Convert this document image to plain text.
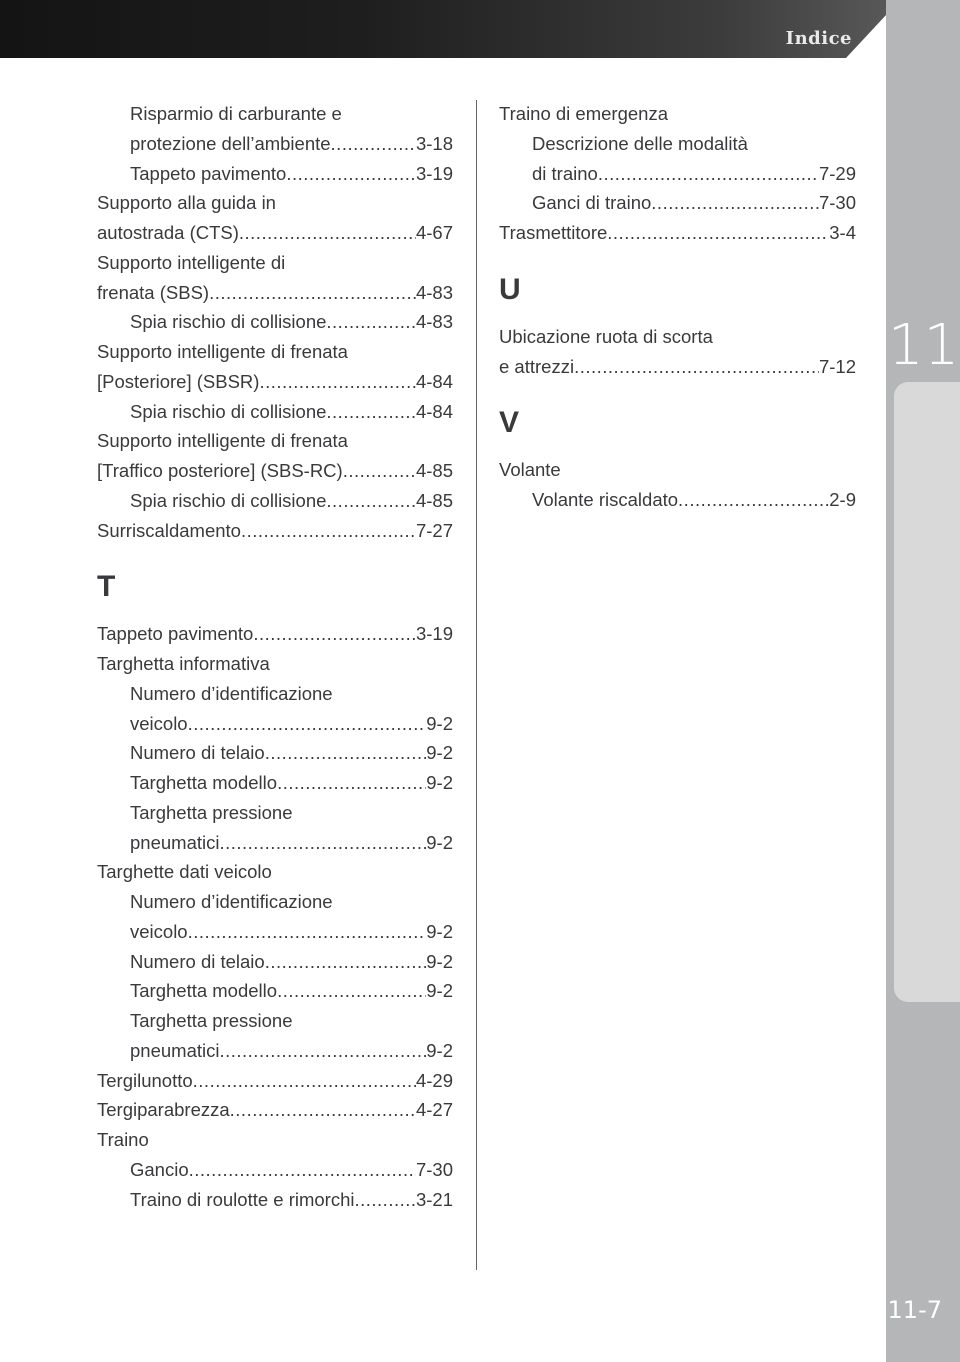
Indice
11
11-7
Risparmio di carburante e
protezione dell’ambiente .....	3-18
Tappeto pavimento .....	3-19
Supporto alla guida in
autostrada (CTS) .....	4-67
Supporto intelligente di
frenata (SBS) .....	4-83
Spia rischio di collisione .....	4-83
Supporto intelligente di frenata
[Posteriore] (SBSR) .....	4-84
Spia rischio di collisione .....	4-84
Supporto intelligente di frenata
[Traffico posteriore] (SBS-RC) .....	4-85
Spia rischio di collisione .....	4-85
Surriscaldamento .....	7-27
T
Tappeto pavimento .....	3-19
Targhetta informativa
Numero d’identificazione
veicolo .....	9-2
Numero di telaio .....	9-2
Targhetta modello .....	9-2
Targhetta pressione
pneumatici .....	9-2
Targhette dati veicolo
Numero d’identificazione
veicolo .....	9-2
Numero di telaio .....	9-2
Targhetta modello .....	9-2
Targhetta pressione
pneumatici .....	9-2
Tergilunotto .....	4-29
Tergiparabrezza .....	4-27
Traino
Gancio .....	7-30
Traino di roulotte e rimorchi .....	3-21
Traino di emergenza
Descrizione delle modalità
di traino .....	7-29
Ganci di traino .....	7-30
Trasmettitore .....	3-4
U
Ubicazione ruota di scorta
e attrezzi .....	7-12
V
Volante
Volante riscaldato .....	2-9
carmanualsonline.info
